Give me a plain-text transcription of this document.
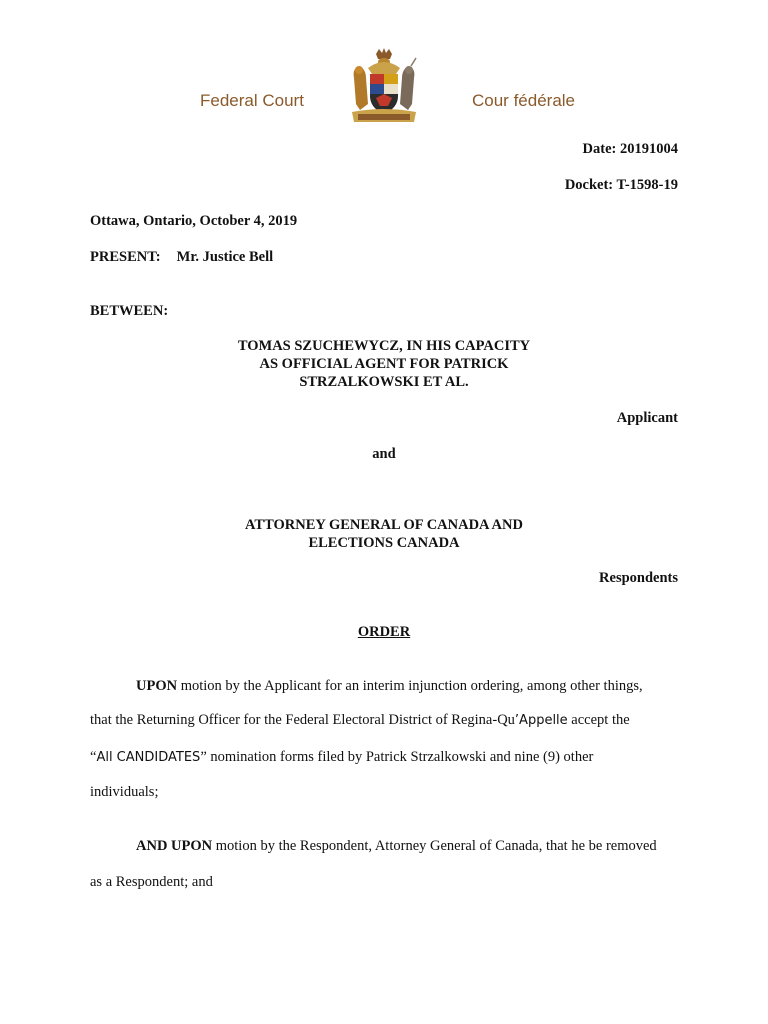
Federal Court	Cour fédérale
Date: 20191004
Docket: T-1598-19
Ottawa, Ontario, October 4, 2019
PRESENT: Mr. Justice Bell
BETWEEN:
TOMAS SZUCHEWYCZ, IN HIS CAPACITY
AS OFFICIAL AGENT FOR PATRICK
STRZALKOWSKI ET AL.
Applicant
and
ATTORNEY GENERAL OF CANADA AND
ELECTIONS CANADA
Respondents
ORDER
UPON motion by the Applicant for an interim injunction ordering, among other things,
that the Returning Officer for the Federal Electoral District of Regina-Qu’Appelle accept the
“All CANDIDATES” nomination forms filed by Patrick Strzalkowski and nine (9) other
individuals;
AND UPON motion by the Respondent, Attorney General of Canada, that he be removed
as a Respondent; and
